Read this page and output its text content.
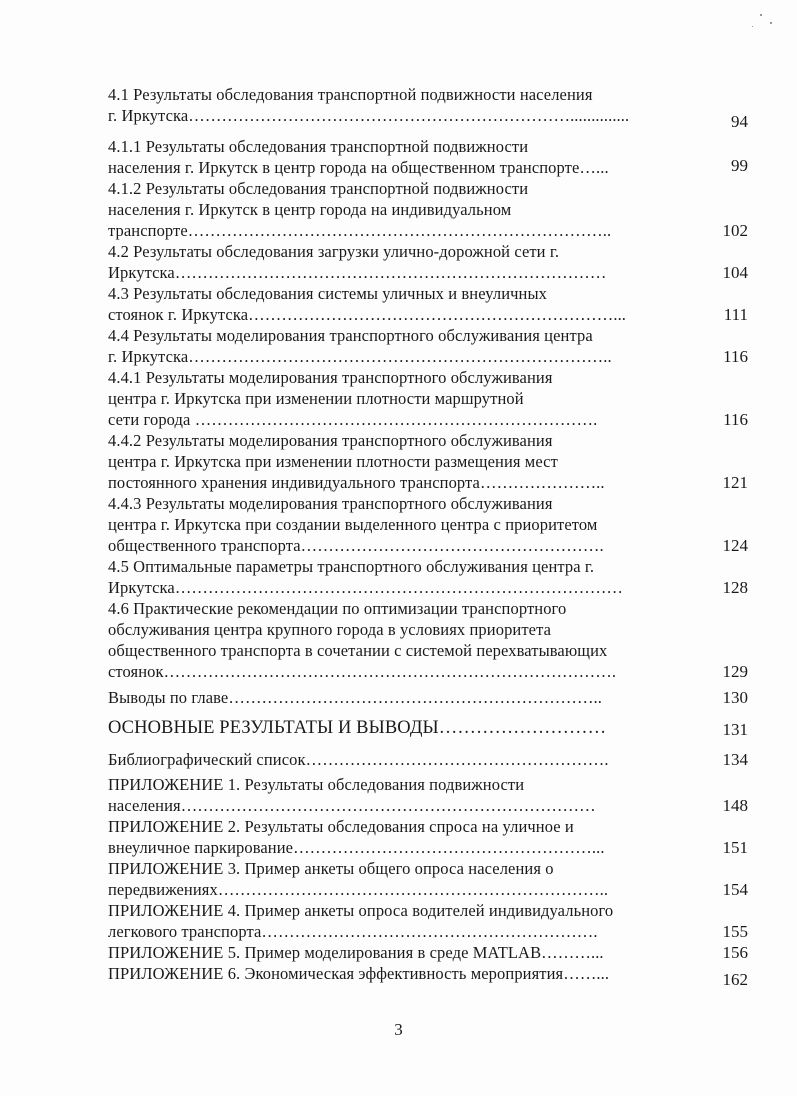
4.1 Результаты обследования транспортной подвижности населения
г. Иркутска……………………………………………………………..............	94
4.1.1 Результаты обследования транспортной подвижности
населения г. Иркутск в центр города на общественном транспорте…...	99
4.1.2 Результаты обследования транспортной подвижности
населения г. Иркутск в центр города на индивидуальном
транспорте…………………………………………………………………..	102
4.2 Результаты обследования загрузки улично-дорожной сети г.
Иркутска……………………………………………………………………	104
4.3 Результаты обследования системы уличных и внеуличных
стоянок г. Иркутска…………………………………………………………...	111
4.4 Результаты моделирования транспортного обслуживания центра
г. Иркутска…………………………………………………………………..	116
4.4.1 Результаты моделирования транспортного обслуживания
центра г. Иркутска при изменении плотности маршрутной
сети города ……………………………………………………………….	116
4.4.2 Результаты моделирования транспортного обслуживания
центра г. Иркутска при изменении плотности размещения мест
постоянного хранения индивидуального транспорта…………………..	121
4.4.3 Результаты моделирования транспортного обслуживания
центра г. Иркутска при создании выделенного центра с приоритетом
общественного транспорта……………………………………………….	124
4.5 Оптимальные параметры транспортного обслуживания центра г.
Иркутска………………………………………………………………………	128
4.6 Практические рекомендации по оптимизации транспортного
обслуживания центра крупного города в условиях приоритета
общественного транспорта в сочетании с системой перехватывающих
стоянок……………………………………………………………………….	129
Выводы по главе…………………………………………………………..	130
ОСНОВНЫЕ РЕЗУЛЬТАТЫ И ВЫВОДЫ………………………	131
Библиографический список……………………………………………….	134
ПРИЛОЖЕНИЕ 1. Результаты обследования подвижности
населения…………………………………………………………………	148
ПРИЛОЖЕНИЕ 2. Результаты обследования спроса на уличное и
внеуличное паркирование………………………………………………...	151
ПРИЛОЖЕНИЕ 3. Пример анкеты общего опроса населения о
передвижениях……………………………………………………………..	154
ПРИЛОЖЕНИЕ 4. Пример анкеты опроса водителей индивидуального
легкового транспорта…………………………………………………….	155
ПРИЛОЖЕНИЕ 5. Пример моделирования в среде MATLAB………...	156
ПРИЛОЖЕНИЕ 6. Экономическая эффективность мероприятия……...	162
3
